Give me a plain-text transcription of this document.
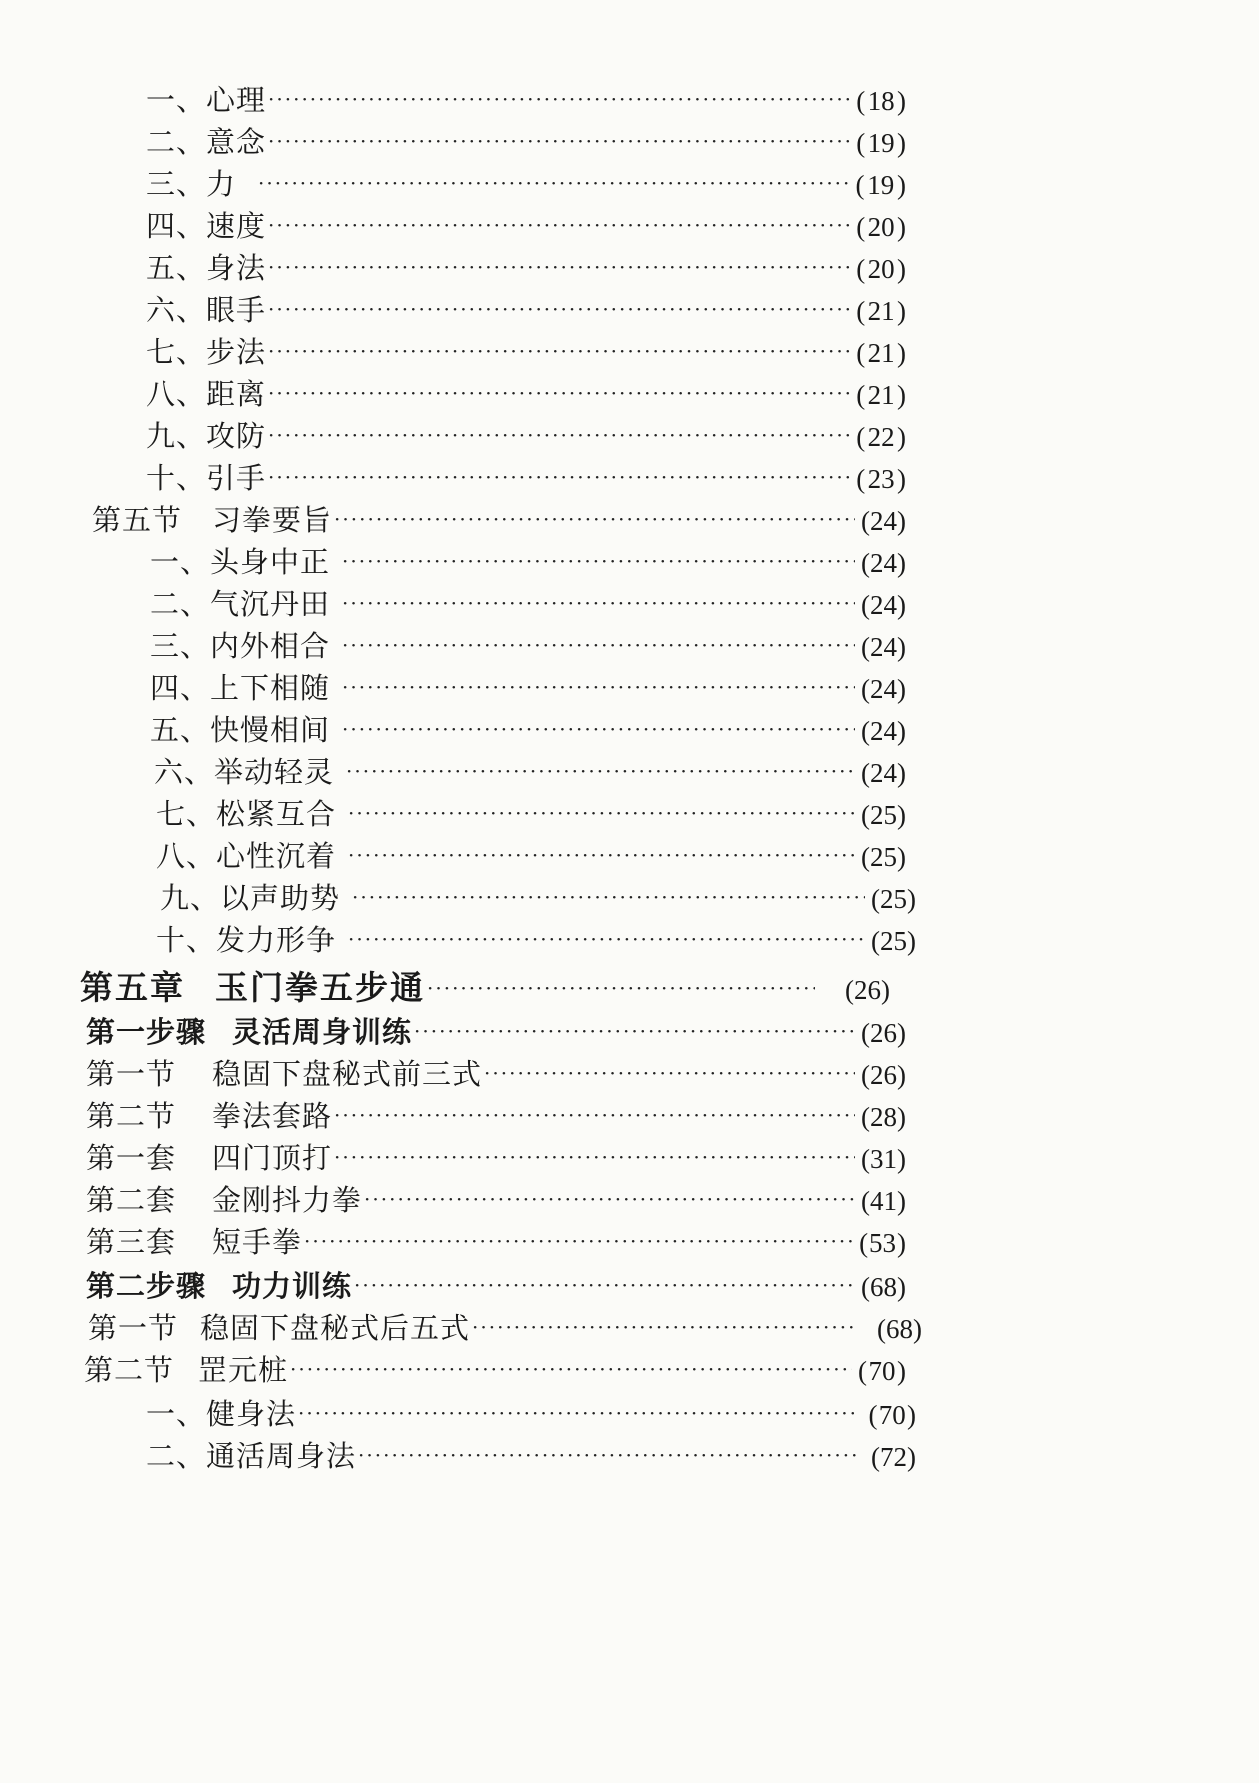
一、心理 ·····	( 18 )
二、意念 ·····	( 19 )
三、力 ·····	( 19 )
四、速度 ·····	( 20 )
五、身法 ·····	( 20 )
六、眼手 ·····	( 21 )
七、步法 ·····	( 21 )
八、距离 ·····	( 21 )
九、攻防 ·····	( 22 )
十、引手 ·····	( 23 )
第五节 习拳要旨 ·····	( 24 )
一、头身中正 ·····	( 24 )
二、气沉丹田 ·····	( 24 )
三、内外相合 ·····	( 24 )
四、上下相随 ·····	( 24 )
五、快慢相间 ·····	( 24 )
六、举动轻灵 ·····	( 24 )
七、松紧互合 ·····	( 25 )
八、心性沉着 ·····	( 25 )
九、以声助势 ·····	( 25 )
十、发力形争 ·····	( 25 )
第五章 玉门拳五步通 ·····	( 26 )
第一步骤 灵活周身训练 ·····	( 26 )
第一节 稳固下盘秘式前三式 ·····	( 26 )
第二节 拳法套路 ·····	( 28 )
第一套 四门顶打 ·····	( 31 )
第二套 金刚抖力拳 ·····	( 41 )
第三套 短手拳 ·····	( 53 )
第二步骤 功力训练 ·····	( 68 )
第一节 稳固下盘秘式后五式 ·····	( 68 )
第二节 罡元桩 ·····	( 70 )
一、健身法 ·····	( 70 )
二、通活周身法 ·····	( 72 )
